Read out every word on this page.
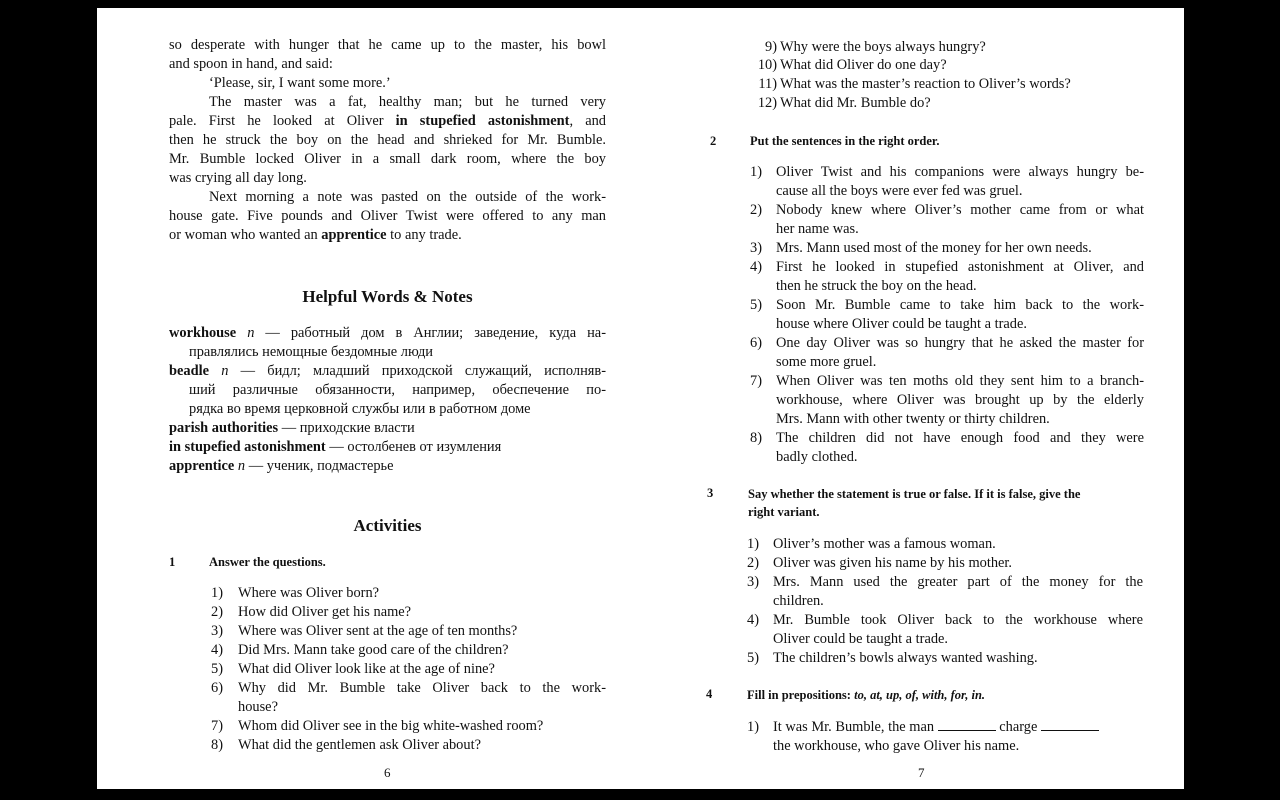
so desperate with hunger that he came up to the master, his bowl
and spoon in hand, and said:
‘Please, sir, I want some more.’
The master was a fat, healthy man; but he turned very
pale. First he looked at Oliver in stupefied astonishment, and
then he struck the boy on the head and shrieked for Mr. Bumble.
Mr. Bumble locked Oliver in a small dark room, where the boy
was crying all day long.
Next morning a note was pasted on the outside of the work-
house gate. Five pounds and Oliver Twist were offered to any man
or woman who wanted an apprentice to any trade.
Helpful Words & Notes
workhouse n — работный дом в Англии; заведение, куда на-
правлялись немощные бездомные люди
beadle n — бидл; младший приходской служащий, исполняв-
ший различные обязанности, например, обеспечение по-
рядка во время церковной службы или в работном доме
parish authorities — приходские власти
in stupefied astonishment — остолбенев от изумления
apprentice n — ученик, подмастерье
Activities
1	Answer the questions.
1) Where was Oliver born?
2) How did Oliver get his name?
3) Where was Oliver sent at the age of ten months?
4) Did Mrs. Mann take good care of the children?
5) What did Oliver look like at the age of nine?
6) Why did Mr. Bumble take Oliver back to the work-
house?
7) Whom did Oliver see in the big white-washed room?
8) What did the gentlemen ask Oliver about?
6
9) Why were the boys always hungry?
10) What did Oliver do one day?
11) What was the master’s reaction to Oliver’s words?
12) What did Mr. Bumble do?
2	Put the sentences in the right order.
1) Oliver Twist and his companions were always hungry be-
cause all the boys were ever fed was gruel.
2) Nobody knew where Oliver’s mother came from or what
her name was.
3) Mrs. Mann used most of the money for her own needs.
4) First he looked in stupefied astonishment at Oliver, and
then he struck the boy on the head.
5) Soon Mr. Bumble came to take him back to the work-
house where Oliver could be taught a trade.
6) One day Oliver was so hungry that he asked the master for
some more gruel.
7) When Oliver was ten moths old they sent him to a branch-
workhouse, where Oliver was brought up by the elderly
Mrs. Mann with other twenty or thirty children.
8) The children did not have enough food and they were
badly clothed.
3	Say whether the statement is true or false. If it is false, give the
right variant.
1) Oliver’s mother was a famous woman.
2) Oliver was given his name by his mother.
3) Mrs. Mann used the greater part of the money for the
children.
4) Mr. Bumble took Oliver back to the workhouse where
Oliver could be taught a trade.
5) The children’s bowls always wanted washing.
4	Fill in prepositions: to, at, up, of, with, for, in.
1) It was Mr. Bumble, the man	charge
the workhouse, who gave Oliver his name.
7
